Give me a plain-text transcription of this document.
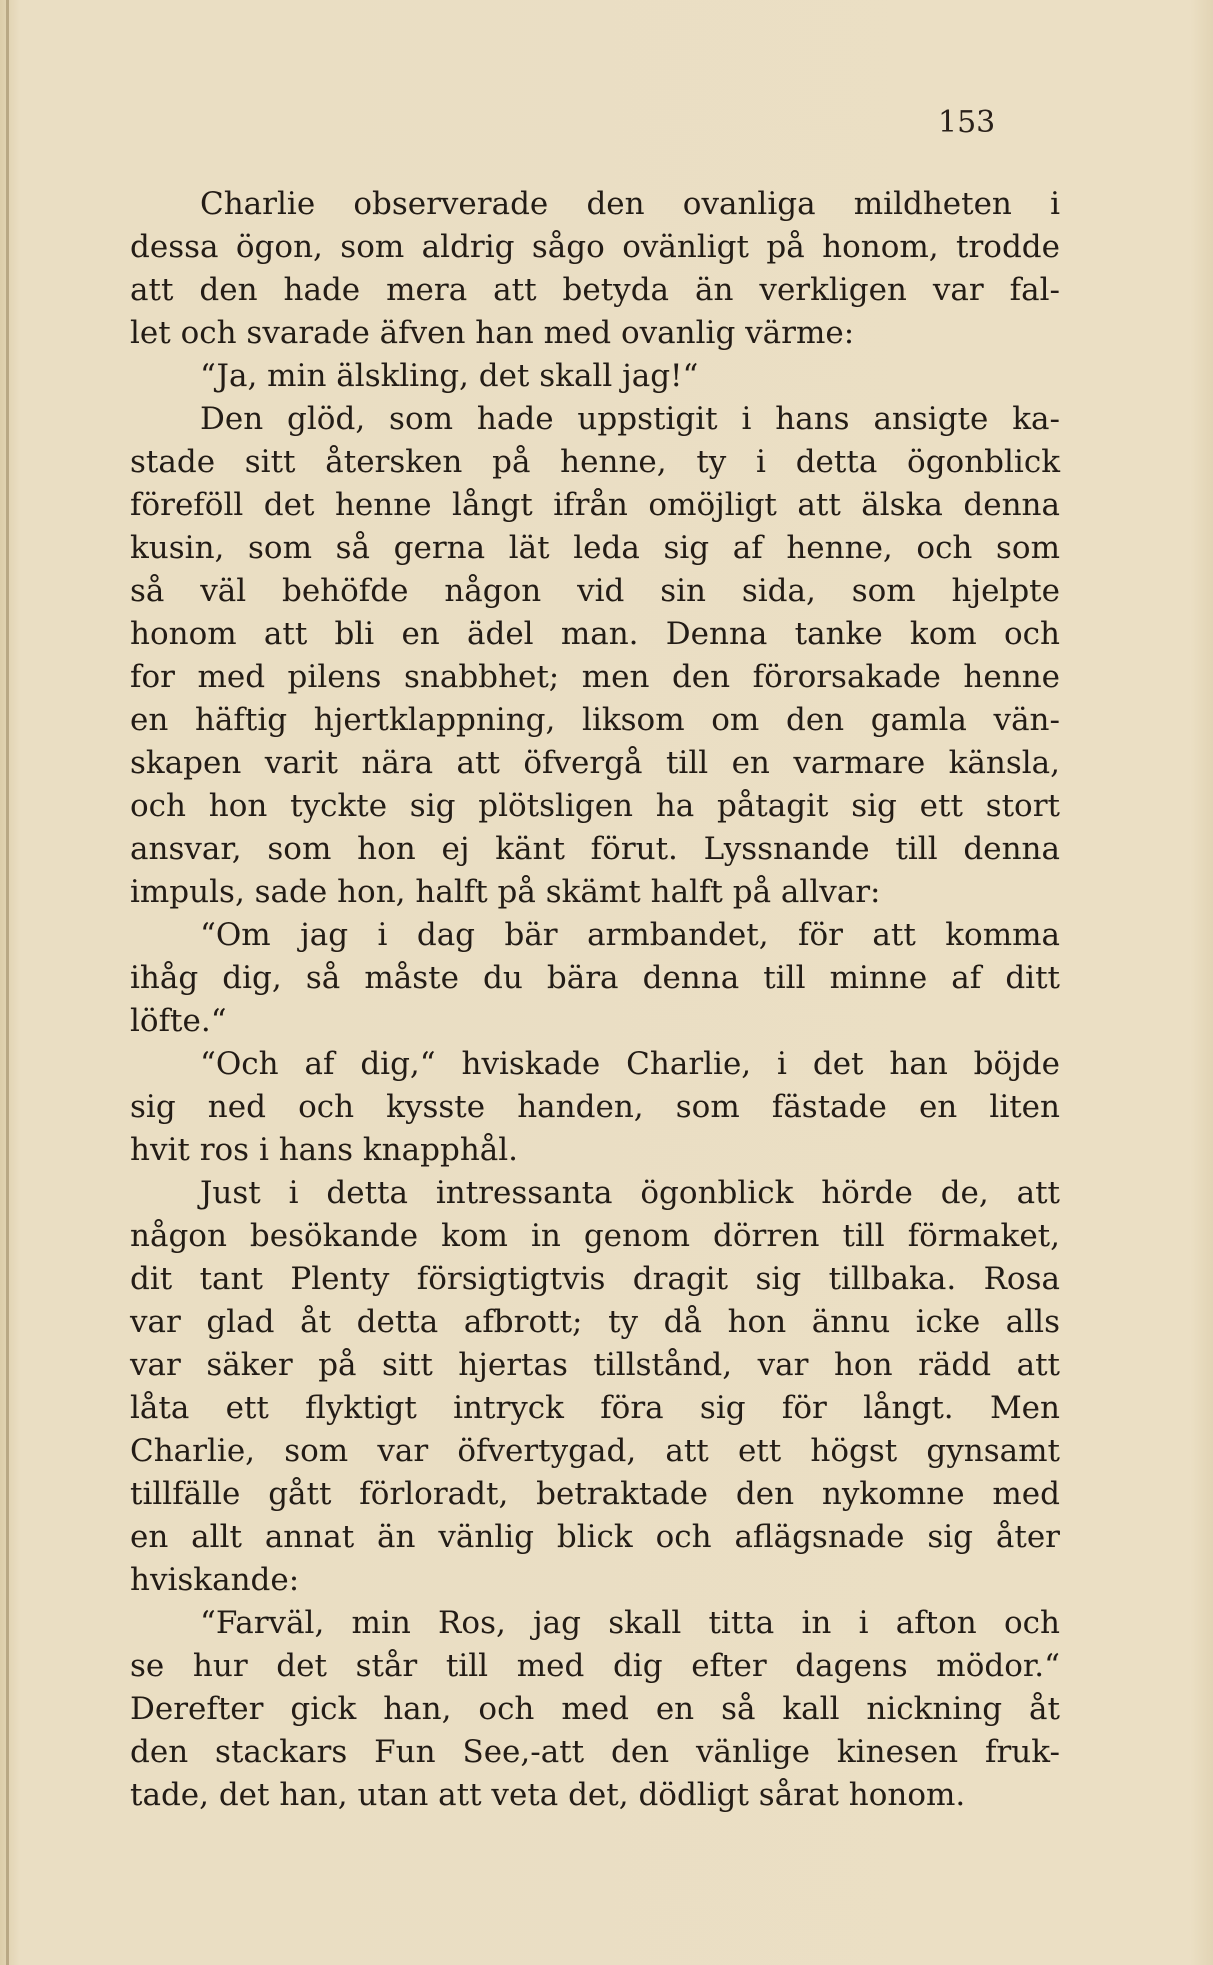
153
Charlie observerade den ovanliga mildheten i
dessa ögon, som aldrig sågo ovänligt på honom, trodde
att den hade mera att betyda än verkligen var fal-
let och svarade äfven han med ovanlig värme:
“Ja, min älskling, det skall jag!“
Den glöd, som hade uppstigit i hans ansigte ka-
stade sitt återsken på henne, ty i detta ögonblick
föreföll det henne långt ifrån omöjligt att älska denna
kusin, som så gerna lät leda sig af henne, och som
så väl behöfde någon vid sin sida, som hjelpte
honom att bli en ädel man. Denna tanke kom och
for med pilens snabbhet; men den förorsakade henne
en häftig hjertklappning, liksom om den gamla vän-
skapen varit nära att öfvergå till en varmare känsla,
och hon tyckte sig plötsligen ha påtagit sig ett stort
ansvar, som hon ej känt förut. Lyssnande till denna
impuls, sade hon, halft på skämt halft på allvar:
“Om jag i dag bär armbandet, för att komma
ihåg dig, så måste du bära denna till minne af ditt
löfte.“
“Och af dig,“ hviskade Charlie, i det han böjde
sig ned och kysste handen, som fästade en liten
hvit ros i hans knapphål.
Just i detta intressanta ögonblick hörde de, att
någon besökande kom in genom dörren till förmaket,
dit tant Plenty försigtigtvis dragit sig tillbaka. Rosa
var glad åt detta afbrott; ty då hon ännu icke alls
var säker på sitt hjertas tillstånd, var hon rädd att
låta ett flyktigt intryck föra sig för långt. Men
Charlie, som var öfvertygad, att ett högst gynsamt
tillfälle gått förloradt, betraktade den nykomne med
en allt annat än vänlig blick och aflägsnade sig åter
hviskande:
“Farväl, min Ros, jag skall titta in i afton och
se hur det står till med dig efter dagens mödor.“
Derefter gick han, och med en så kall nickning åt
den stackars Fun See,-att den vänlige kinesen fruk-
tade, det han, utan att veta det, dödligt sårat honom.
